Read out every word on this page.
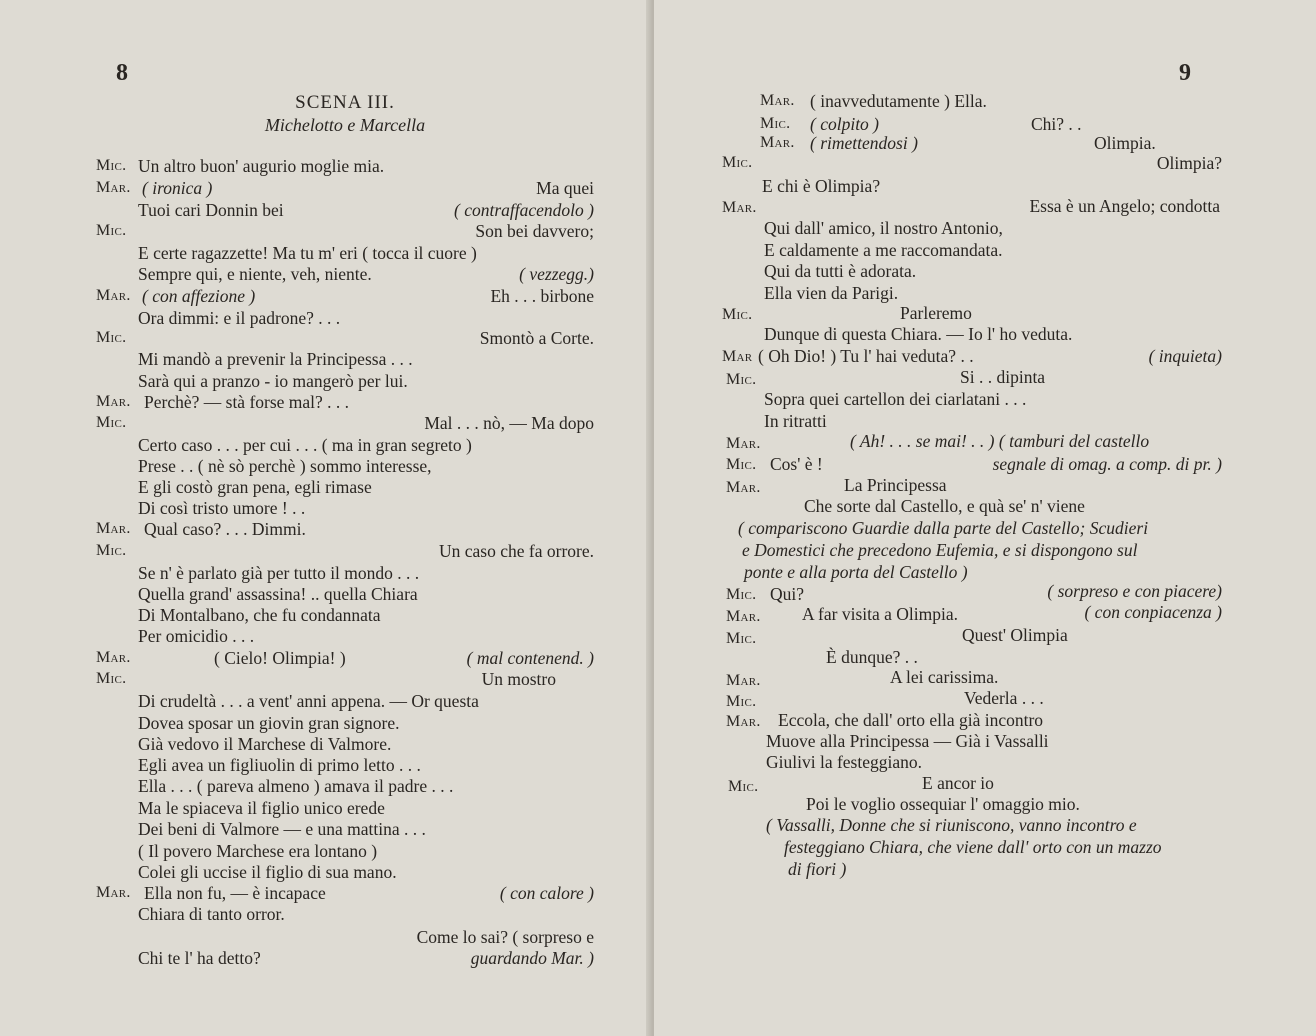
8
SCENA III.
Michelotto e Marcella
Mic. Un altro buon' augurio moglie mia.
Mar. ( ironica )	Ma quei
Tuoi cari Donnin bei	( contraffacendolo )
Mic.	Son bei davvero;
E certe ragazzette! Ma tu m' eri ( tocca il cuore )
Sempre qui, e niente, veh, niente.	( vezzegg.)
Mar. ( con affezione )	Eh . . . birbone
Ora dimmi: e il padrone? . . .
Mic.	Smontò a Corte.
Mi mandò a prevenir la Principessa . . .
Sarà qui a pranzo - io mangerò per lui.
Mar. Perchè? — stà forse mal? . . .
Mic.	Mal . . . nò, — Ma dopo
Certo caso . . . per cui . . . ( ma in gran segreto )
Prese . . ( nè sò perchè ) sommo interesse,
E gli costò gran pena, egli rimase
Di così tristo umore ! . .
Mar. Qual caso? . . . Dimmi.
Mic.	Un caso che fa orrore.
Se n' è parlato già per tutto il mondo . . .
Quella grand' assassina! .. quella Chiara
Di Montalbano, che fu condannata
Per omicidio . . .
Mar.	( Cielo! Olimpia! )	( mal contenend. )
Mic.	Un mostro
Di crudeltà . . . a vent' anni appena. — Or questa
Dovea sposar un giovin gran signore.
Già vedovo il Marchese di Valmore.
Egli avea un figliuolin di primo letto . . .
Ella . . . ( pareva almeno ) amava il padre . . .
Ma le spiaceva il figlio unico erede
Dei beni di Valmore — e una mattina . . .
( Il povero Marchese era lontano )
Colei gli uccise il figlio di sua mano.
Mar. Ella non fu, — è incapace	( con calore )
Chiara di tanto orror.
Come lo sai? ( sorpreso e
Chi te l' ha detto?	guardando Mar. )
9
Mar. ( inavvedutamente ) Ella.
Mic. ( colpito )	Chi? . .
Mar. ( rimettendosi )	Olimpia.
Mic.	Olimpia?
E chi è Olimpia?
Mar.	Essa è un Angelo; condotta
Qui dall' amico, il nostro Antonio,
E caldamente a me raccomandata.
Qui da tutti è adorata.
Ella vien da Parigi.
Mic.	Parleremo
Dunque di questa Chiara. — Io l' ho veduta.
Mar ( Oh Dio! ) Tu l' hai veduta? . .	( inquieta)
Mic.	Si . . dipinta
Sopra quei cartellon dei ciarlatani . . .
In ritratti
Mar.	( Ah! . . . se mai! . . ) ( tamburi del castello
Mic. Cos' è !	segnale di omag. a comp. di pr. )
Mar.	La Principessa
Che sorte dal Castello, e quà se' n' viene
( compariscono Guardie dalla parte del Castello; Scudieri
e Domestici che precedono Eufemia, e si dispongono sul
ponte e alla porta del Castello )
Mic. Qui?	( sorpreso e con piacere)
Mar. A far visita a Olimpia.	( con conpiacenza )
Mic.	Quest' Olimpia
È dunque? . .
Mar.	A lei carissima.
Mic.	Vederla . . .
Mar. Eccola, che dall' orto ella già incontro
Muove alla Principessa — Già i Vassalli
Giulivi la festeggiano.
Mic.	E ancor io
Poi le voglio ossequiar l' omaggio mio.
( Vassalli, Donne che si riuniscono, vanno incontro e
festeggiano Chiara, che viene dall' orto con un mazzo
di fiori )
